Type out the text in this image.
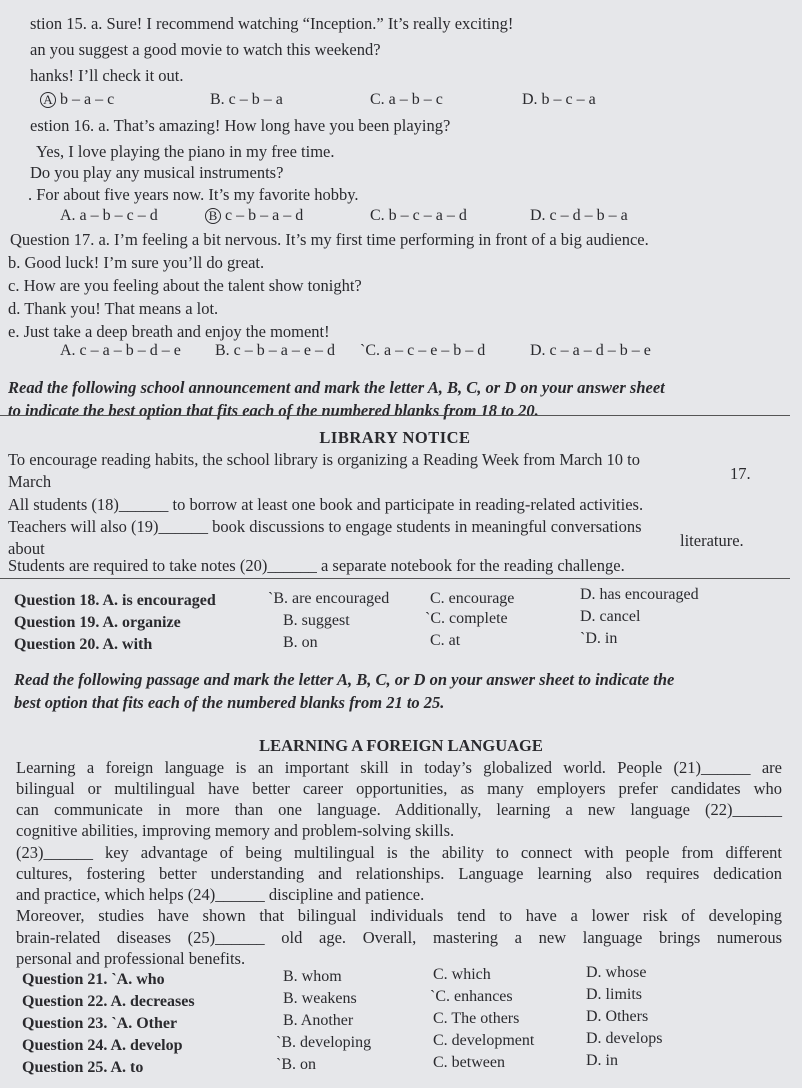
stion 15. a. Sure! I recommend watching “Inception.” It’s really exciting!
an you suggest a good movie to watch this weekend?
hanks! I’ll check it out.
A b – a – c	B. c – b – a	C. a – b – c	D. b – c – a
estion 16. a. That’s amazing! How long have you been playing?
Yes, I love playing the piano in my free time.
Do you play any musical instruments?
. For about five years now. It’s my favorite hobby.
A. a – b – c – d	B c – b – a – d	C. b – c – a – d	D. c – d – b – a
Question 17. a. I’m feeling a bit nervous. It’s my first time performing in front of a big audience.
b. Good luck! I’m sure you’ll do great.
c. How are you feeling about the talent show tonight?
d. Thank you! That means a lot.
e. Just take a deep breath and enjoy the moment!
A. c – a – b – d – e B. c – b – a – e – d ˋC. a – c – e – b – d	D. c – a – d – b – e
Read the following school announcement and mark the letter A, B, C, or D on your answer sheet
to indicate the best option that fits each of the numbered blanks from 18 to 20.
LIBRARY NOTICE
To encourage reading habits, the school library is organizing a Reading Week from March 10 to
March	17.
All students (18)______ to borrow at least one book and participate in reading-related activities.
Teachers will also (19)______ book discussions to engage students in meaningful conversations
about	literature.
Students are required to take notes (20)______ a separate notebook for the reading challenge.
Question 18. A. is encouraged	ˋB. are encouraged	C. encourage	D. has encouraged
Question 19. A. organize	B. suggest	ˋC. complete	D. cancel
Question 20. A. with	B. on	C. at	ˋD. in
Read the following passage and mark the letter A, B, C, or D on your answer sheet to indicate the
best option that fits each of the numbered blanks from 21 to 25.
LEARNING A FOREIGN LANGUAGE
Learning a foreign language is an important skill in today’s globalized world. People (21)______ are
bilingual or multilingual have better career opportunities, as many employers prefer candidates who
can communicate in more than one language. Additionally, learning a new language (22)______
cognitive abilities, improving memory and problem-solving skills.
(23)______ key advantage of being multilingual is the ability to connect with people from different
cultures, fostering better understanding and relationships. Language learning also requires dedication
and practice, which helps (24)______ discipline and patience.
Moreover, studies have shown that bilingual individuals tend to have a lower risk of developing
brain-related diseases (25)______ old age. Overall, mastering a new language brings numerous
personal and professional benefits.
Question 21. ˋA. who	B. whom	C. which	D. whose
Question 22. A. decreases	B. weakens	ˋC. enhances	D. limits
Question 23. ˋA. Other	B. Another	C. The others	D. Others
Question 24. A. develop	ˋB. developing	C. development	D. develops
Question 25. A. to	ˋB. on	C. between	D. in
